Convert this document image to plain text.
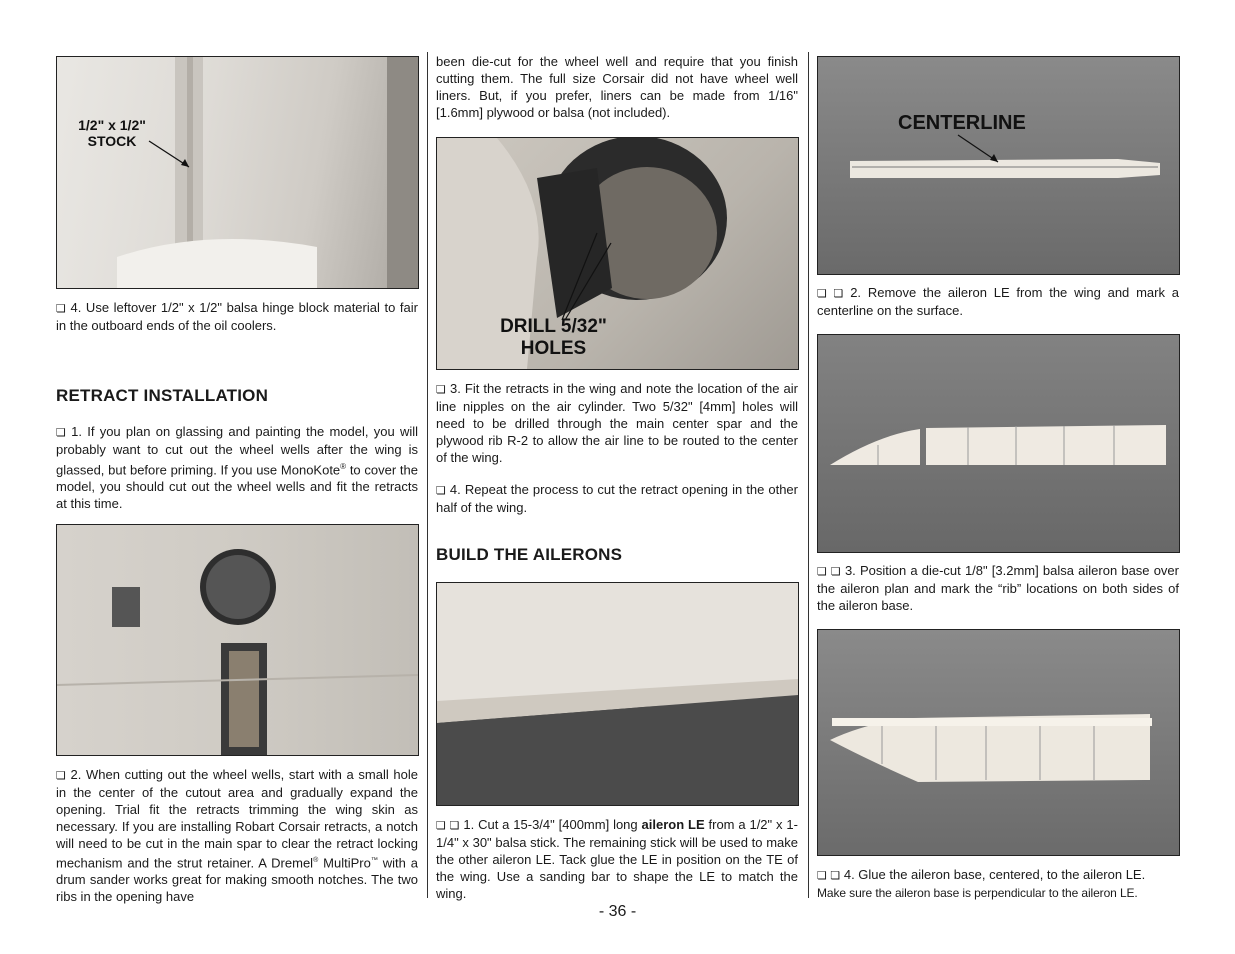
1/2" x 1/2"
STOCK

❏ 4. Use leftover 1/2" x 1/2" balsa hinge block material to fair in the outboard ends of the oil coolers.

RETRACT INSTALLATION

❏ 1. If you plan on glassing and painting the model, you will probably want to cut out the wheel wells after the wing is glassed, but before priming. If you use MonoKote® to cover the model, you should cut out the wheel wells and fit the retracts at this time.

❏ 2. When cutting out the wheel wells, start with a small hole in the center of the cutout area and gradually expand the opening. Trial fit the retracts trimming the wing skin as necessary. If you are installing Robart Corsair retracts, a notch will need to be cut in the main spar to clear the retract locking mechanism and the strut retainer. A Dremel® MultiPro™ with a drum sander works great for making smooth notches. The two ribs in the opening have

been die-cut for the wheel well and require that you finish cutting them. The full size Corsair did not have wheel well liners. But, if you prefer, liners can be made from 1/16" [1.6mm] plywood or balsa (not included).

DRILL 5/32"
HOLES

❏ 3. Fit the retracts in the wing and note the location of the air line nipples on the air cylinder. Two 5/32" [4mm] holes will need to be drilled through the main center spar and the plywood rib R-2 to allow the air line to be routed to the center of the wing.

❏ 4. Repeat the process to cut the retract opening in the other half of the wing.

BUILD THE AILERONS

❏ ❏ 1. Cut a 15-3/4" [400mm] long aileron LE from a 1/2" x 1-1/4" x 30" balsa stick. The remaining stick will be used to make the other aileron LE. Tack glue the LE in position on the TE of the wing. Use a sanding bar to shape the LE to match the wing.

CENTERLINE

❏ ❏ 2. Remove the aileron LE from the wing and mark a centerline on the surface.

❏ ❏ 3. Position a die-cut 1/8" [3.2mm] balsa aileron base over the aileron plan and mark the “rib” locations on both sides of the aileron base.

❏ ❏ 4. Glue the aileron base, centered, to the aileron LE.
Make sure the aileron base is perpendicular to the aileron LE.

- 36 -
